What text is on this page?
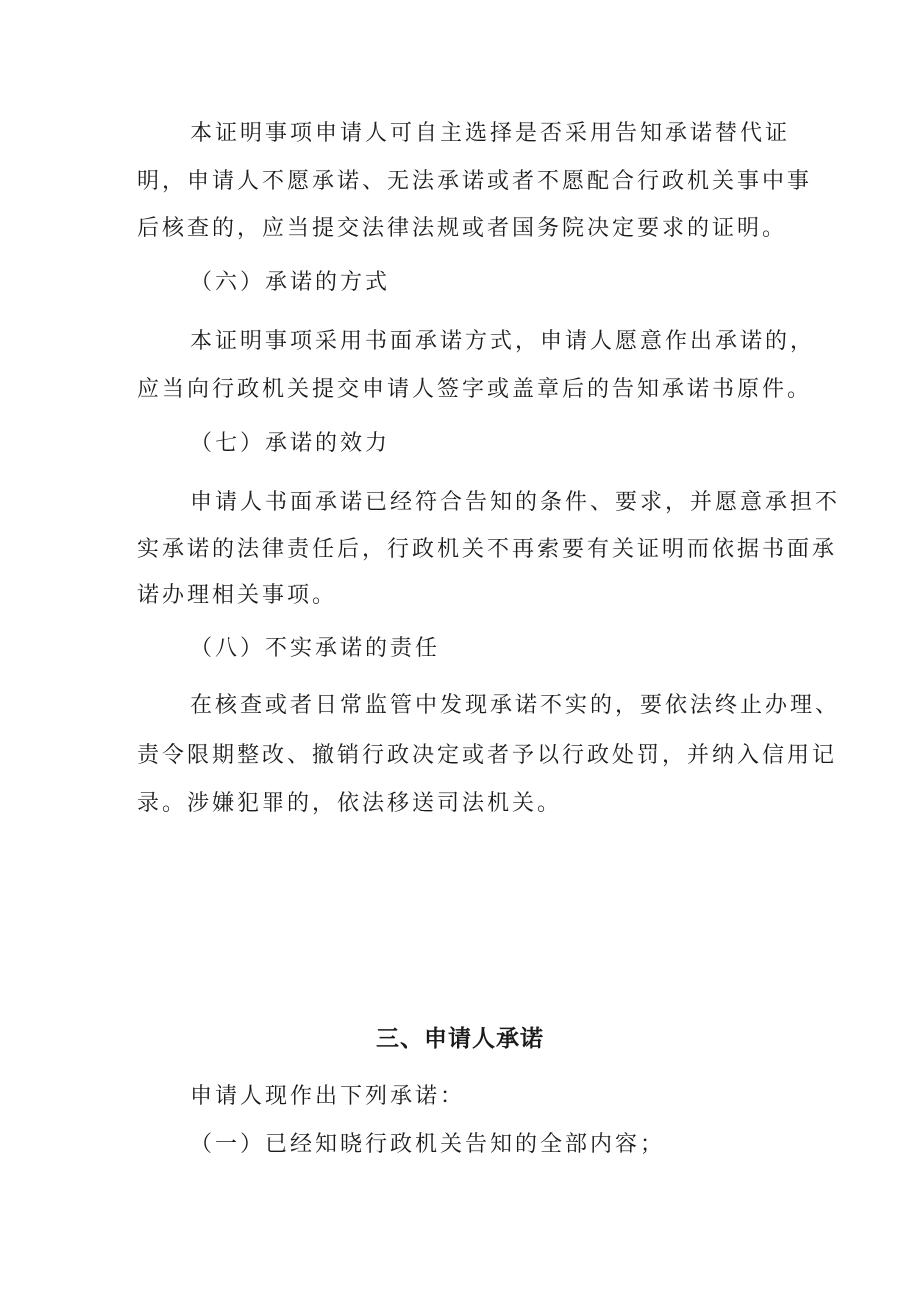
本证明事项申请人可自主选择是否采用告知承诺替代证
明，申请人不愿承诺、无法承诺或者不愿配合行政机关事中事
后核查的，应当提交法律法规或者国务院决定要求的证明。
（六）承诺的方式
本证明事项采用书面承诺方式，申请人愿意作出承诺的，
应当向行政机关提交申请人签字或盖章后的告知承诺书原件。
（七）承诺的效力
申请人书面承诺已经符合告知的条件、要求，并愿意承担不
实承诺的法律责任后，行政机关不再索要有关证明而依据书面承
诺办理相关事项。
（八）不实承诺的责任
在核查或者日常监管中发现承诺不实的，要依法终止办理、
责令限期整改、撤销行政决定或者予以行政处罚，并纳入信用记
录。涉嫌犯罪的，依法移送司法机关。
三、申请人承诺
申请人现作出下列承诺：
（一）已经知晓行政机关告知的全部内容；
